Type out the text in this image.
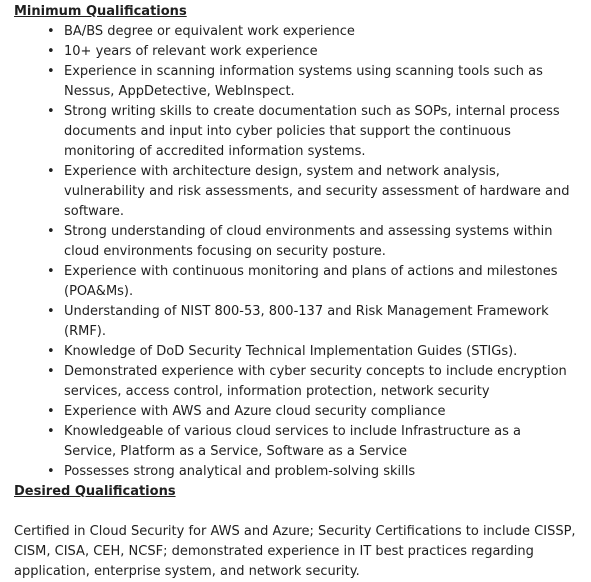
Minimum Qualifications
• BA/BS degree or equivalent work experience
• 10+ years of relevant work experience
• Experience in scanning information systems using scanning tools such as Nessus, AppDetective, WebInspect.
• Strong writing skills to create documentation such as SOPs, internal process documents and input into cyber policies that support the continuous monitoring of accredited information systems.
• Experience with architecture design, system and network analysis, vulnerability and risk assessments, and security assessment of hardware and software.
• Strong understanding of cloud environments and assessing systems within cloud environments focusing on security posture.
• Experience with continuous monitoring and plans of actions and milestones (POA&Ms).
• Understanding of NIST 800-53, 800-137 and Risk Management Framework (RMF).
• Knowledge of DoD Security Technical Implementation Guides (STIGs).
• Demonstrated experience with cyber security concepts to include encryption services, access control, information protection, network security
• Experience with AWS and Azure cloud security compliance
• Knowledgeable of various cloud services to include Infrastructure as a Service, Platform as a Service, Software as a Service
• Possesses strong analytical and problem-solving skills
Desired Qualifications

Certified in Cloud Security for AWS and Azure; Security Certifications to include CISSP, CISM, CISA, CEH, NCSF; demonstrated experience in IT best practices regarding application, enterprise system, and network security.
